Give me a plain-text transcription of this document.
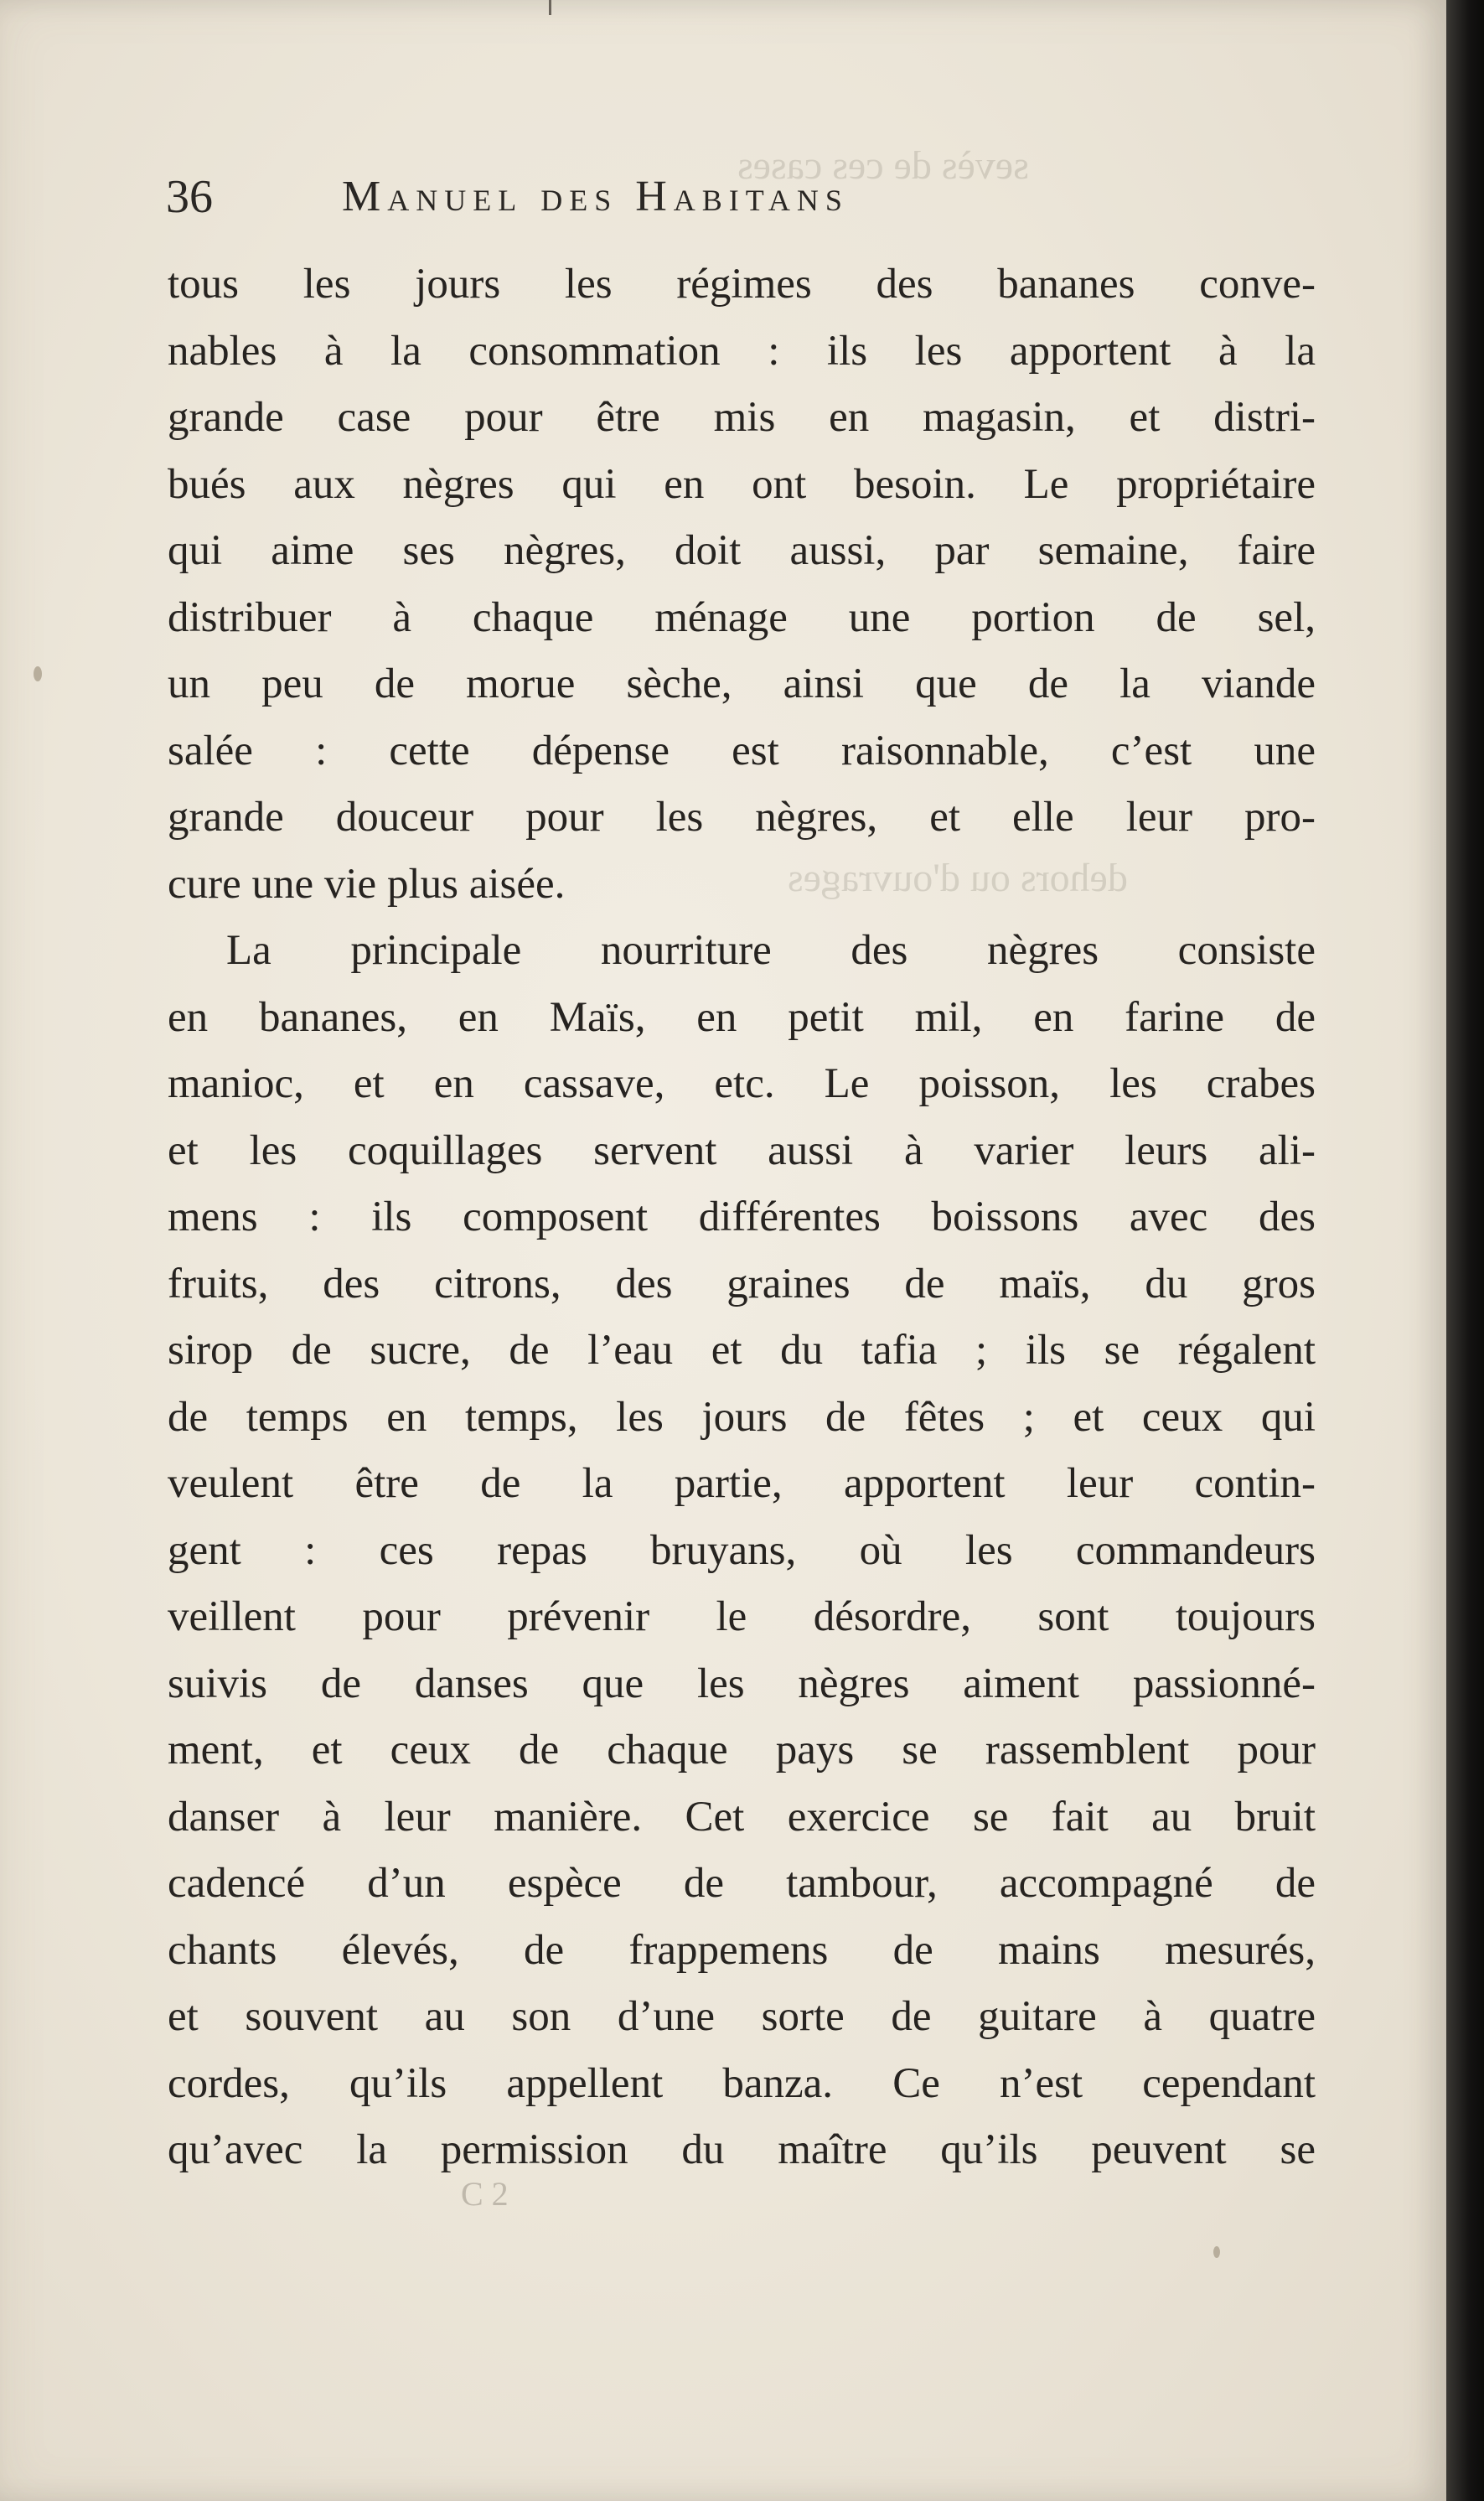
sevès de ces cases
dehors ou d'ouvrages
36	Manuel des Habitans
tous les jours les régimes des bananes conve-
nables à la consommation : ils les apportent à la
grande case pour être mis en magasin, et distri-
bués aux nègres qui en ont besoin. Le propriétaire
qui aime ses nègres, doit aussi, par semaine, faire
distribuer à chaque ménage une portion de sel,
un peu de morue sèche, ainsi que de la viande
salée : cette dépense est raisonnable, c’est une
grande douceur pour les nègres, et elle leur pro-
cure une vie plus aisée.
La principale nourriture des nègres consiste
en bananes, en Maïs, en petit mil, en farine de
manioc, et en cassave, etc. Le poisson, les crabes
et les coquillages servent aussi à varier leurs ali-
mens : ils composent différentes boissons avec des
fruits, des citrons, des graines de maïs, du gros
sirop de sucre, de l’eau et du tafia ; ils se régalent
de temps en temps, les jours de fêtes ; et ceux qui
veulent être de la partie, apportent leur contin-
gent : ces repas bruyans, où les commandeurs
veillent pour prévenir le désordre, sont toujours
suivis de danses que les nègres aiment passionné-
ment, et ceux de chaque pays se rassemblent pour
danser à leur manière. Cet exercice se fait au bruit
cadencé d’un espèce de tambour, accompagné de
chants élevés, de frappemens de mains mesurés,
et souvent au son d’une sorte de guitare à quatre
cordes, qu’ils appellent banza. Ce n’est cependant
qu’avec la permission du maître qu’ils peuvent se
C 2
